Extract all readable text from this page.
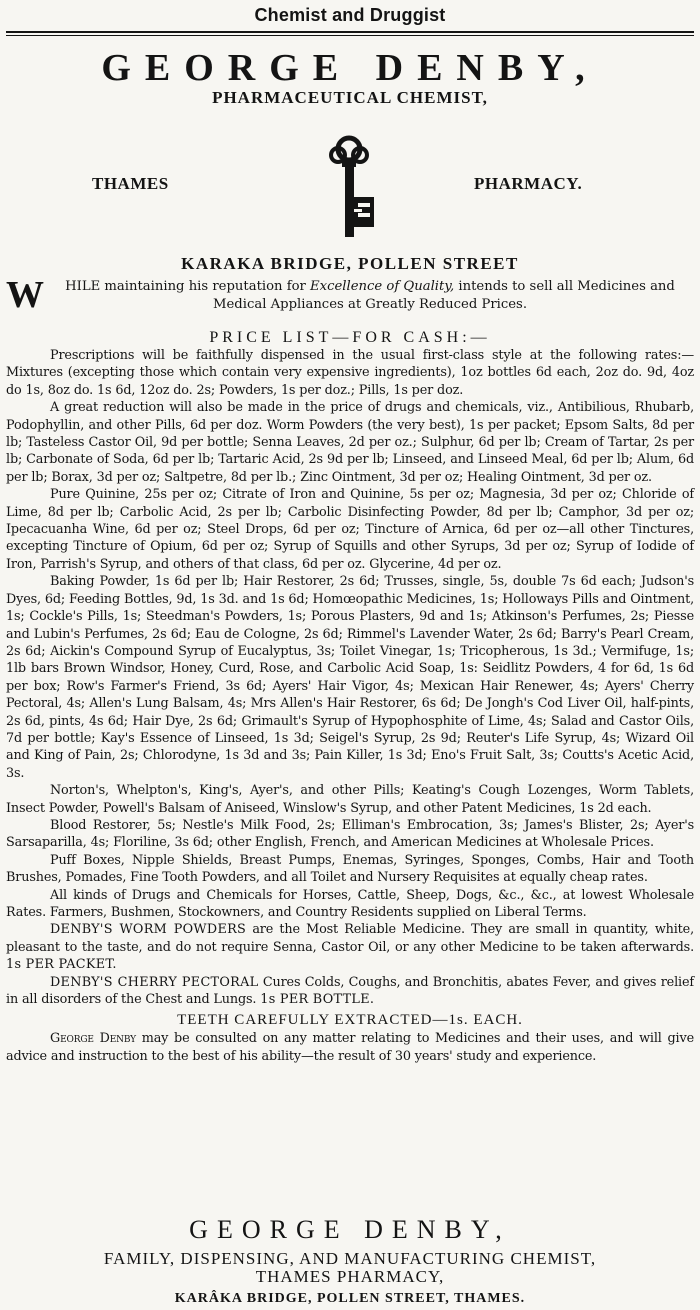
Chemist and Druggist
GEORGE DENBY,
PHARMACEUTICAL CHEMIST,
THAMES	PHARMACY.
KARAKA BRIDGE, POLLEN STREET
W	HILE maintaining his reputation for Excellence of Quality, intends to sell all Medicines and Medical Appliances at Greatly Reduced Prices.
PRICE LIST—FOR CASH:—

Prescriptions will be faithfully dispensed in the usual first-class style at the following rates:—Mixtures (excepting those which contain very expensive ingredients), 1oz bottles 6d each, 2oz do. 9d, 4oz do 1s, 8oz do. 1s 6d, 12oz do. 2s; Powders, 1s per doz.; Pills, 1s per doz.

A great reduction will also be made in the price of drugs and chemicals, viz., Antibilious, Rhubarb, Podophyllin, and other Pills, 6d per doz. Worm Powders (the very best), 1s per packet; Epsom Salts, 8d per lb; Tasteless Castor Oil, 9d per bottle; Senna Leaves, 2d per oz.; Sulphur, 6d per lb; Cream of Tartar, 2s per lb; Carbonate of Soda, 6d per lb; Tartaric Acid, 2s 9d per lb; Linseed, and Linseed Meal, 6d per lb; Alum, 6d per lb; Borax, 3d per oz; Saltpetre, 8d per lb.; Zinc Ointment, 3d per oz; Healing Ointment, 3d per oz.

Pure Quinine, 25s per oz; Citrate of Iron and Quinine, 5s per oz; Magnesia, 3d per oz; Chloride of Lime, 8d per lb; Carbolic Acid, 2s per lb; Carbolic Disinfecting Powder, 8d per lb; Camphor, 3d per oz; Ipecacuanha Wine, 6d per oz; Steel Drops, 6d per oz; Tincture of Arnica, 6d per oz—all other Tinctures, excepting Tincture of Opium, 6d per oz; Syrup of Squills and other Syrups, 3d per oz; Syrup of Iodide of Iron, Parrish's Syrup, and others of that class, 6d per oz. Glycerine, 4d per oz.

Baking Powder, 1s 6d per lb; Hair Restorer, 2s 6d; Trusses, single, 5s, double 7s 6d each; Judson's Dyes, 6d; Feeding Bottles, 9d, 1s 3d. and 1s 6d; Homœopathic Medicines, 1s; Holloways Pills and Ointment, 1s; Cockle's Pills, 1s; Steedman's Powders, 1s; Porous Plasters, 9d and 1s; Atkinson's Perfumes, 2s; Piesse and Lubin's Perfumes, 2s 6d; Eau de Cologne, 2s 6d; Rimmel's Lavender Water, 2s 6d; Barry's Pearl Cream, 2s 6d; Aickin's Compound Syrup of Eucalyptus, 3s; Toilet Vinegar, 1s; Tricopherous, 1s 3d.; Vermifuge, 1s; 1lb bars Brown Windsor, Honey, Curd, Rose, and Carbolic Acid Soap, 1s: Seidlitz Powders, 4 for 6d, 1s 6d per box; Row's Farmer's Friend, 3s 6d; Ayers' Hair Vigor, 4s; Mexican Hair Renewer, 4s; Ayers' Cherry Pectoral, 4s; Allen's Lung Balsam, 4s; Mrs Allen's Hair Restorer, 6s 6d; De Jongh's Cod Liver Oil, half-pints, 2s 6d, pints, 4s 6d; Hair Dye, 2s 6d; Grimault's Syrup of Hypophosphite of Lime, 4s; Salad and Castor Oils, 7d per bottle; Kay's Essence of Linseed, 1s 3d; Seigel's Syrup, 2s 9d; Reuter's Life Syrup, 4s; Wizard Oil and King of Pain, 2s; Chlorodyne, 1s 3d and 3s; Pain Killer, 1s 3d; Eno's Fruit Salt, 3s; Coutts's Acetic Acid, 3s.

Norton's, Whelpton's, King's, Ayer's, and other Pills; Keating's Cough Lozenges, Worm Tablets, Insect Powder, Powell's Balsam of Aniseed, Winslow's Syrup, and other Patent Medicines, 1s 2d each.

Blood Restorer, 5s; Nestle's Milk Food, 2s; Elliman's Embrocation, 3s; James's Blister, 2s; Ayer's Sarsaparilla, 4s; Floriline, 3s 6d; other English, French, and American Medicines at Wholesale Prices.

Puff Boxes, Nipple Shields, Breast Pumps, Enemas, Syringes, Sponges, Combs, Hair and Tooth Brushes, Pomades, Fine Tooth Powders, and all Toilet and Nursery Requisites at equally cheap rates.

All kinds of Drugs and Chemicals for Horses, Cattle, Sheep, Dogs, &c., &c., at lowest Wholesale Rates. Farmers, Bushmen, Stockowners, and Country Residents supplied on Liberal Terms.

DENBY'S WORM POWDERS are the Most Reliable Medicine. They are small in quantity, white, pleasant to the taste, and do not require Senna, Castor Oil, or any other Medicine to be taken afterwards. 1s PER PACKET.

DENBY'S CHERRY PECTORAL Cures Colds, Coughs, and Bronchitis, abates Fever, and gives relief in all disorders of the Chest and Lungs. 1s PER BOTTLE.

TEETH CAREFULLY EXTRACTED—1s. EACH.

George Denby may be consulted on any matter relating to Medicines and their uses, and will give advice and instruction to the best of his ability—the result of 30 years' study and experience.

GEORGE DENBY,
FAMILY, DISPENSING, AND MANUFACTURING CHEMIST,
THAMES PHARMACY,
KARÂKA BRIDGE, POLLEN STREET, THAMES.
